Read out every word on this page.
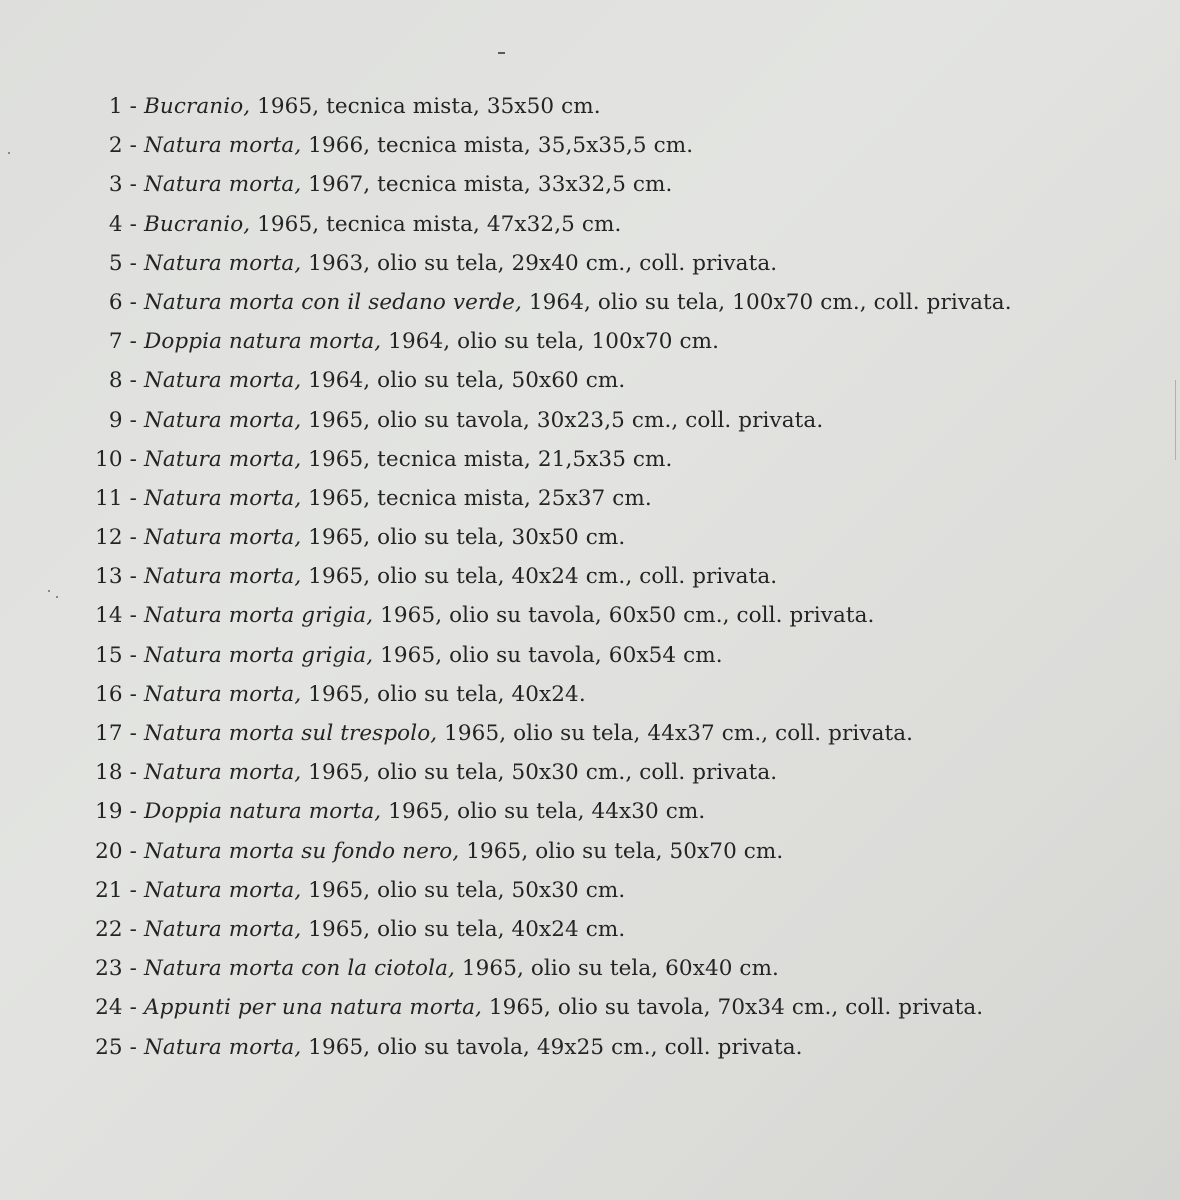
1 - Bucranio, 1965, tecnica mista, 35x50 cm.
2 - Natura morta, 1966, tecnica mista, 35,5x35,5 cm.
3 - Natura morta, 1967, tecnica mista, 33x32,5 cm.
4 - Bucranio, 1965, tecnica mista, 47x32,5 cm.
5 - Natura morta, 1963, olio su tela, 29x40 cm., coll. privata.
6 - Natura morta con il sedano verde, 1964, olio su tela, 100x70 cm., coll. privata.
7 - Doppia natura morta, 1964, olio su tela, 100x70 cm.
8 - Natura morta, 1964, olio su tela, 50x60 cm.
9 - Natura morta, 1965, olio su tavola, 30x23,5 cm., coll. privata.
10 - Natura morta, 1965, tecnica mista, 21,5x35 cm.
11 - Natura morta, 1965, tecnica mista, 25x37 cm.
12 - Natura morta, 1965, olio su tela, 30x50 cm.
13 - Natura morta, 1965, olio su tela, 40x24 cm., coll. privata.
14 - Natura morta grigia, 1965, olio su tavola, 60x50 cm., coll. privata.
15 - Natura morta grigia, 1965, olio su tavola, 60x54 cm.
16 - Natura morta, 1965, olio su tela, 40x24.
17 - Natura morta sul trespolo, 1965, olio su tela, 44x37 cm., coll. privata.
18 - Natura morta, 1965, olio su tela, 50x30 cm., coll. privata.
19 - Doppia natura morta, 1965, olio su tela, 44x30 cm.
20 - Natura morta su fondo nero, 1965, olio su tela, 50x70 cm.
21 - Natura morta, 1965, olio su tela, 50x30 cm.
22 - Natura morta, 1965, olio su tela, 40x24 cm.
23 - Natura morta con la ciotola, 1965, olio su tela, 60x40 cm.
24 - Appunti per una natura morta, 1965, olio su tavola, 70x34 cm., coll. privata.
25 - Natura morta, 1965, olio su tavola, 49x25 cm., coll. privata.
